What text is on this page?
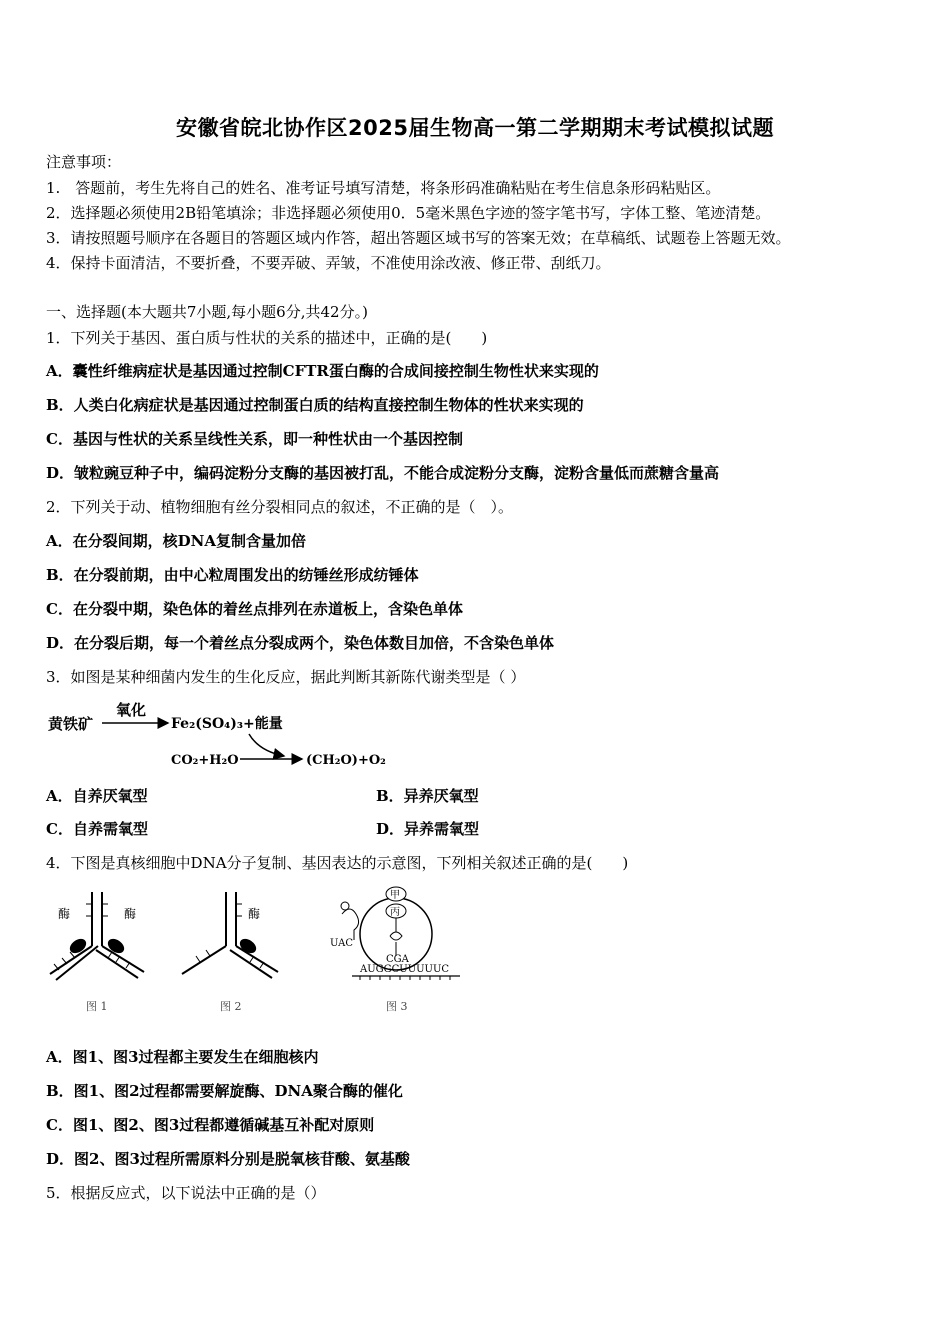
安徽省皖北协作区2025届生物高一第二学期期末考试模拟试题
注意事项：
1.　答题前，考生先将自己的姓名、准考证号填写清楚，将条形码准确粘贴在考生信息条形码粘贴区。
2．选择题必须使用2B铅笔填涂；非选择题必须使用0．5毫米黑色字迹的签字笔书写，字体工整、笔迹清楚。
3．请按照题号顺序在各题目的答题区域内作答，超出答题区域书写的答案无效；在草稿纸、试题卷上答题无效。
4．保持卡面清洁，不要折叠，不要弄破、弄皱，不准使用涂改液、修正带、刮纸刀。
一、选择题(本大题共7小题,每小题6分,共42分。)
1．下列关于基因、蛋白质与性状的关系的描述中，正确的是(　　)
A．囊性纤维病症状是基因通过控制CFTR蛋白酶的合成间接控制生物性状来实现的
B．人类白化病症状是基因通过控制蛋白质的结构直接控制生物体的性状来实现的
C．基因与性状的关系呈线性关系，即一种性状由一个基因控制
D．皱粒豌豆种子中，编码淀粉分支酶的基因被打乱，不能合成淀粉分支酶，淀粉含量低而蔗糖含量高
2．下列关于动、植物细胞有丝分裂相同点的叙述，不正确的是（　）。
A．在分裂间期，核DNA复制含量加倍
B．在分裂前期，由中心粒周围发出的纺锤丝形成纺锤体
C．在分裂中期，染色体的着丝点排列在赤道板上，含染色单体
D．在分裂后期，每一个着丝点分裂成两个，染色体数目加倍，不含染色单体
3．如图是某种细菌内发生的生化反应，据此判断其新陈代谢类型是（ ）
黄铁矿
氧化
Fe₂(SO₄)₃+能量
CO₂+H₂O	(CH₂O)+O₂
A．自养厌氧型	B．异养厌氧型
C．自养需氧型	D．异养需氧型
4．下图是真核细胞中DNA分子复制、基因表达的示意图，下列相关叙述正确的是(　　)
酶	酶
图 1
酶
图 2
甲
丙
UAC
CGA
AUGGCUUUUUC
图 3
A．图1、图3过程都主要发生在细胞核内
B．图1、图2过程都需要解旋酶、DNA聚合酶的催化
C．图1、图2、图3过程都遵循碱基互补配对原则
D．图2、图3过程所需原料分别是脱氧核苷酸、氨基酸
5．根据反应式，以下说法中正确的是（）
